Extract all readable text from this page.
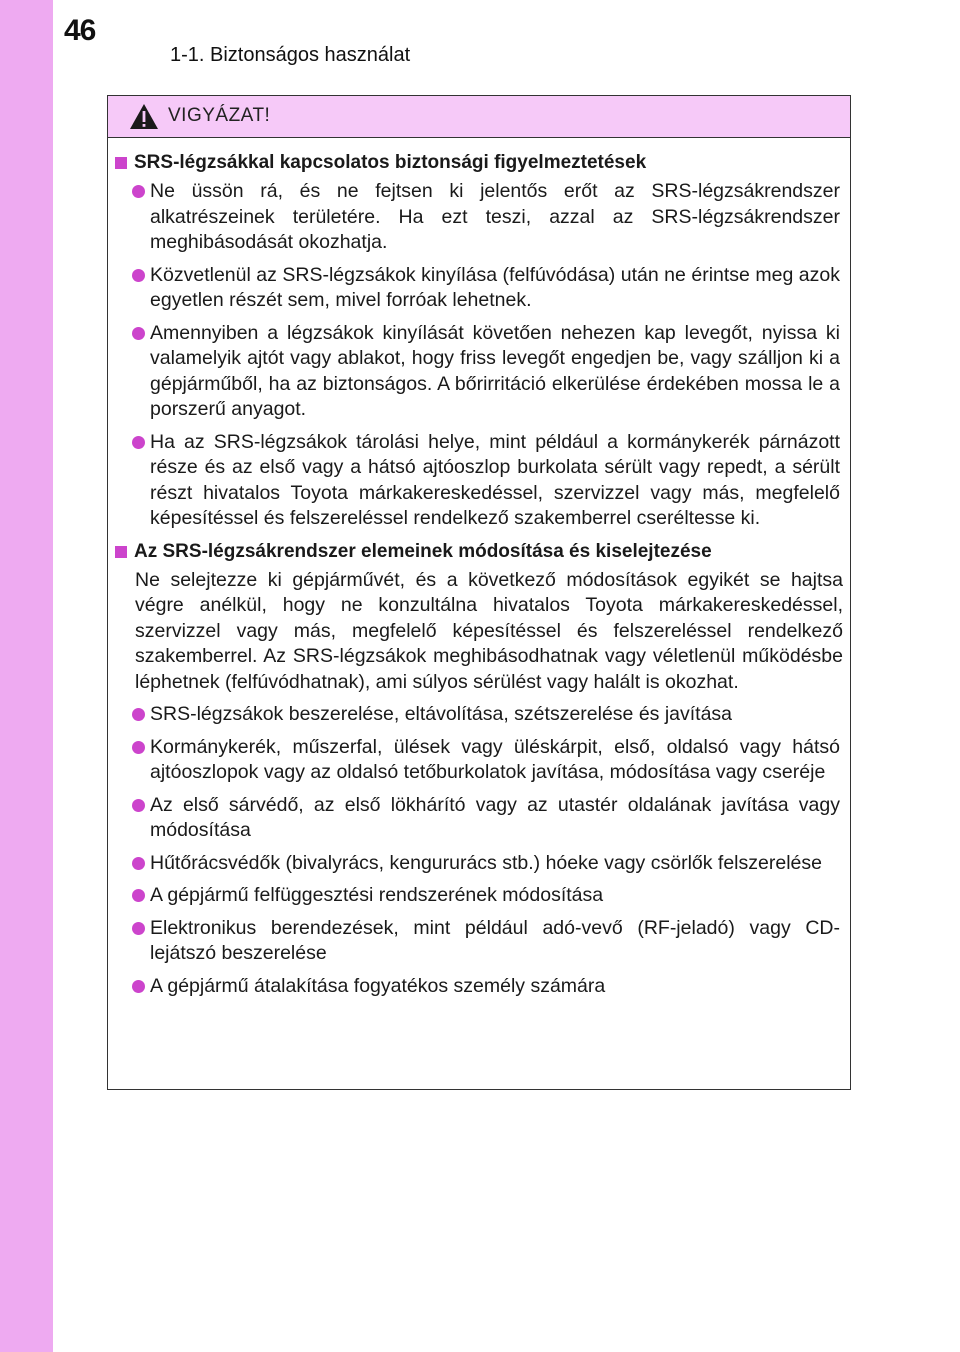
46
1-1. Biztonságos használat
VIGYÁZAT!
SRS-légzsákkal kapcsolatos biztonsági figyelmeztetések
Ne üssön rá, és ne fejtsen ki jelentős erőt az SRS-légzsákrendszer alkatrészeinek területére. Ha ezt teszi, azzal az SRS-légzsákrendszer meghibásodását okozhatja.
Közvetlenül az SRS-légzsákok kinyílása (felfúvódása) után ne érintse meg azok egyetlen részét sem, mivel forróak lehetnek.
Amennyiben a légzsákok kinyílását követően nehezen kap levegőt, nyissa ki valamelyik ajtót vagy ablakot, hogy friss levegőt engedjen be, vagy szálljon ki a gépjárműből, ha az biztonságos. A bőrirritáció elkerülése érdekében mossa le a porszerű anyagot.
Ha az SRS-légzsákok tárolási helye, mint például a kormánykerék párnázott része és az első vagy a hátsó ajtóoszlop burkolata sérült vagy repedt, a sérült részt hivatalos Toyota márkakereskedéssel, szervizzel vagy más, megfelelő képesítéssel és felszereléssel rendelkező szakemberrel cseréltesse ki.
Az SRS-légzsákrendszer elemeinek módosítása és kiselejtezése
Ne selejtezze ki gépjárművét, és a következő módosítások egyikét se hajtsa végre anélkül, hogy ne konzultálna hivatalos Toyota márkakereskedéssel, szervizzel vagy más, megfelelő képesítéssel és felszereléssel rendelkező szakemberrel. Az SRS-légzsákok meghibásodhatnak vagy véletlenül működésbe léphetnek (felfúvódhatnak), ami súlyos sérülést vagy halált is okozhat.
SRS-légzsákok beszerelése, eltávolítása, szétszerelése és javítása
Kormánykerék, műszerfal, ülések vagy üléskárpit, első, oldalsó vagy hátsó ajtóoszlopok vagy az oldalsó tetőburkolatok javítása, módosítása vagy cseréje
Az első sárvédő, az első lökhárító vagy az utastér oldalának javítása vagy módosítása
Hűtőrácsvédők (bivalyrács, kengururács stb.) hóeke vagy csörlők felszerelése
A gépjármű felfüggesztési rendszerének módosítása
Elektronikus berendezések, mint például adó-vevő (RF-jeladó) vagy CD-lejátszó beszerelése
A gépjármű átalakítása fogyatékos személy számára
